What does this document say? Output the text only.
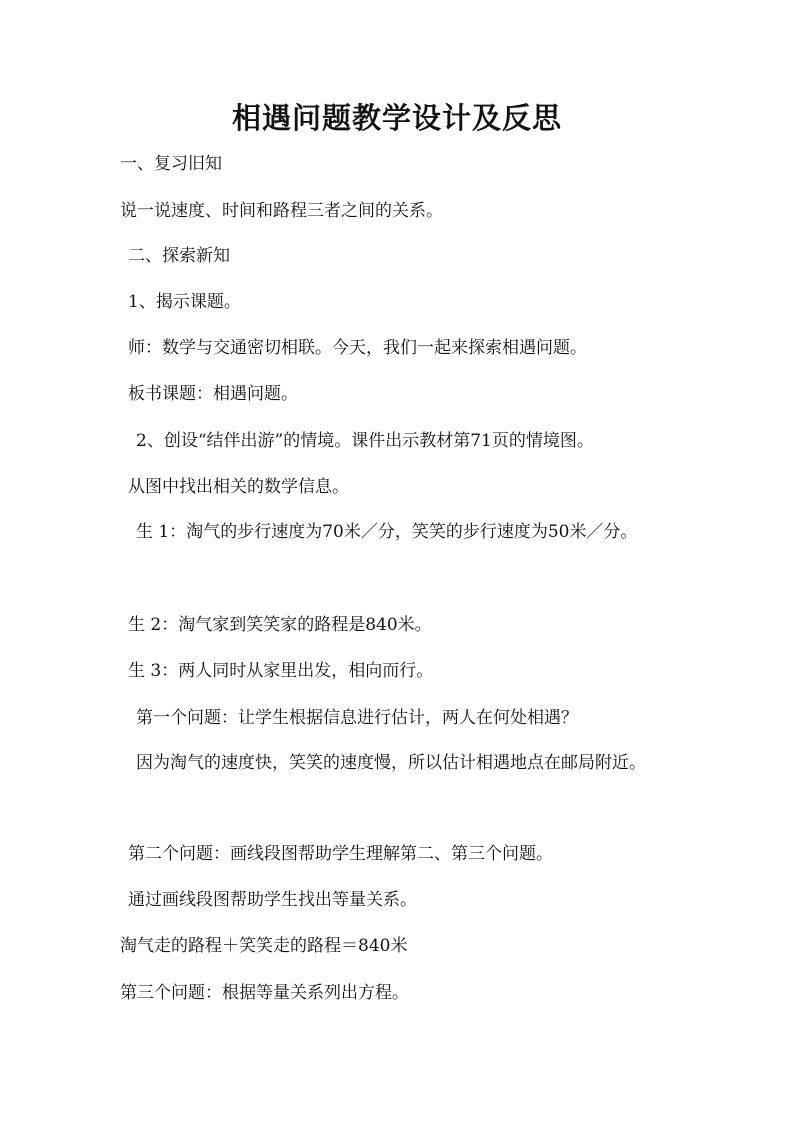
相遇问题教学设计及反思
一、复习旧知
说一说速度、时间和路程三者之间的关系。
二、探索新知
1、揭示课题。
师：数学与交通密切相联。今天，我们一起来探索相遇问题。
板书课题：相遇问题。
2、创设“结伴出游”的情境。课件出示教材第71页的情境图。
从图中找出相关的数学信息。
生 1：淘气的步行速度为70米／分，笑笑的步行速度为50米／分。
生 2：淘气家到笑笑家的路程是840米。
生 3：两人同时从家里出发，相向而行。
第一个问题：让学生根据信息进行估计，两人在何处相遇？
因为淘气的速度快，笑笑的速度慢，所以估计相遇地点在邮局附近。
第二个问题：画线段图帮助学生理解第二、第三个问题。
通过画线段图帮助学生找出等量关系。
淘气走的路程＋笑笑走的路程＝840米
第三个问题：根据等量关系列出方程。
